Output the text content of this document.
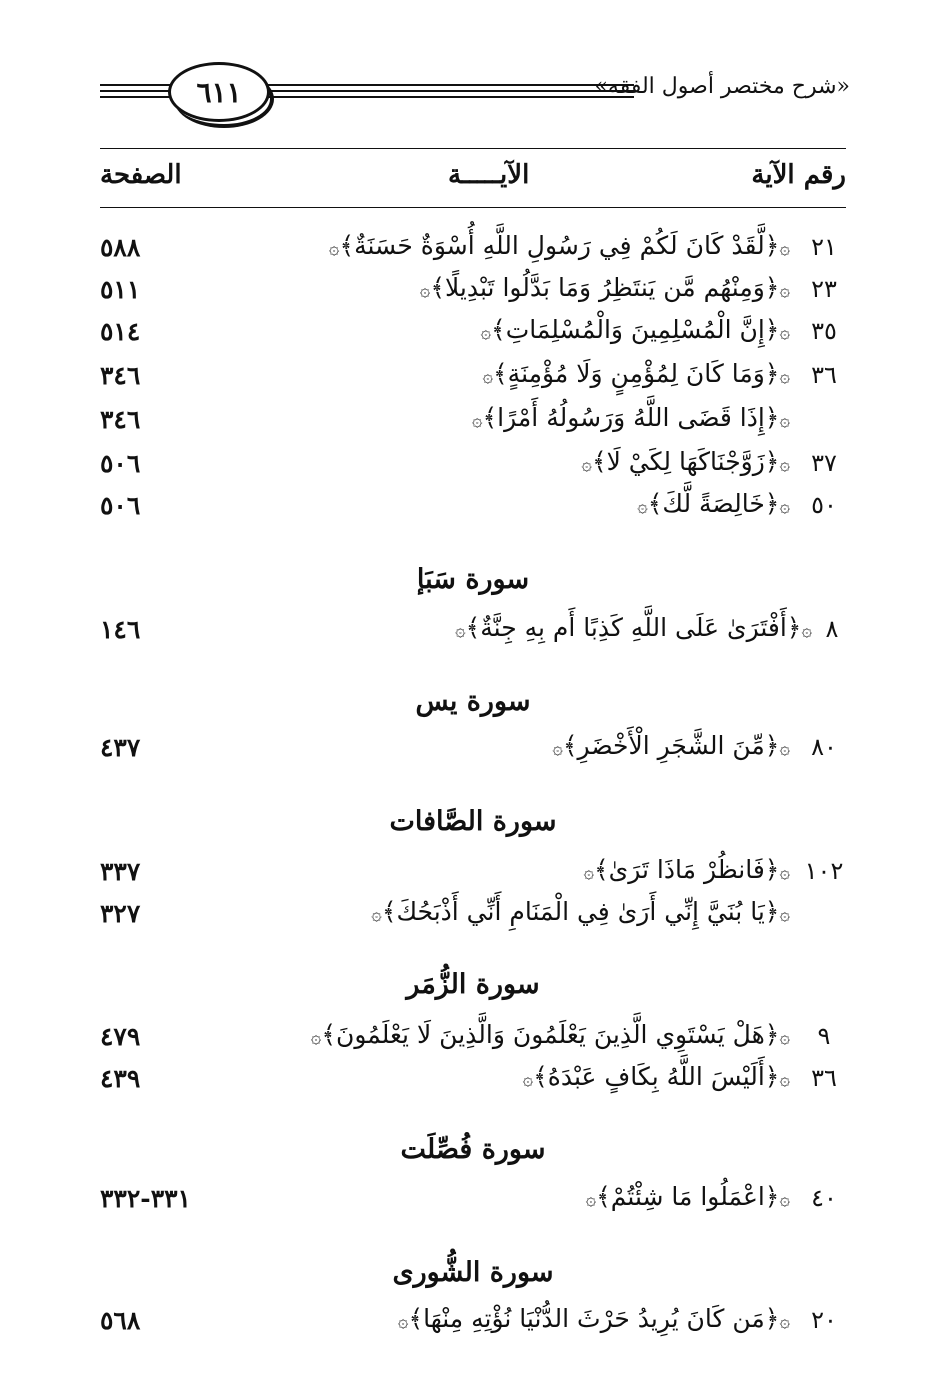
٦١١	«شرح مختصر أصول الفقه»
رقم الآية
الآيـــــة
الصفحة
٢١
۞﴿لَّقَدْ كَانَ لَكُمْ فِي رَسُولِ اللَّهِ أُسْوَةٌ حَسَنَةٌ﴾۞
٥٨٨
٢٣
۞﴿وَمِنْهُم مَّن يَنتَظِرُ وَمَا بَدَّلُوا تَبْدِيلًا﴾۞
٥١١
٣٥
۞﴿إِنَّ الْمُسْلِمِينَ وَالْمُسْلِمَاتِ﴾۞
٥١٤
٣٦
۞﴿وَمَا كَانَ لِمُؤْمِنٍ وَلَا مُؤْمِنَةٍ﴾۞
٣٤٦
۞﴿إِذَا قَضَى اللَّهُ وَرَسُولُهُ أَمْرًا﴾۞
٣٤٦
٣٧
۞﴿زَوَّجْنَاكَهَا لِكَيْ لَا﴾۞
٥٠٦
٥٠
۞﴿خَالِصَةً لَّكَ﴾۞
٥٠٦
سورة سَبَإ
٨
۞﴿أَفْتَرَىٰ عَلَى اللَّهِ كَذِبًا أَم بِهِ جِنَّةٌ﴾۞
١٤٦
سورة يس
٨٠
۞﴿مِّنَ الشَّجَرِ الْأَخْضَرِ﴾۞
٤٣٧
سورة الصَّافات
١٠٢
۞﴿فَانظُرْ مَاذَا تَرَىٰ﴾۞
٣٣٧
۞﴿يَا بُنَيَّ إِنِّي أَرَىٰ فِي الْمَنَامِ أَنِّي أَذْبَحُكَ﴾۞
٣٢٧
سورة الزُّمَر
٩
۞﴿هَلْ يَسْتَوِي الَّذِينَ يَعْلَمُونَ وَالَّذِينَ لَا يَعْلَمُونَ﴾۞
٤٧٩
٣٦
۞﴿أَلَيْسَ اللَّهُ بِكَافٍ عَبْدَهُ﴾۞
٤٣٩
سورة فُصِّلَت
٤٠
۞﴿اعْمَلُوا مَا شِئْتُمْ﴾۞
٣٣١-٣٣٢
سورة الشُّورى
٢٠
۞﴿مَن كَانَ يُرِيدُ حَرْثَ الدُّنْيَا نُؤْتِهِ مِنْهَا﴾۞
٥٦٨
